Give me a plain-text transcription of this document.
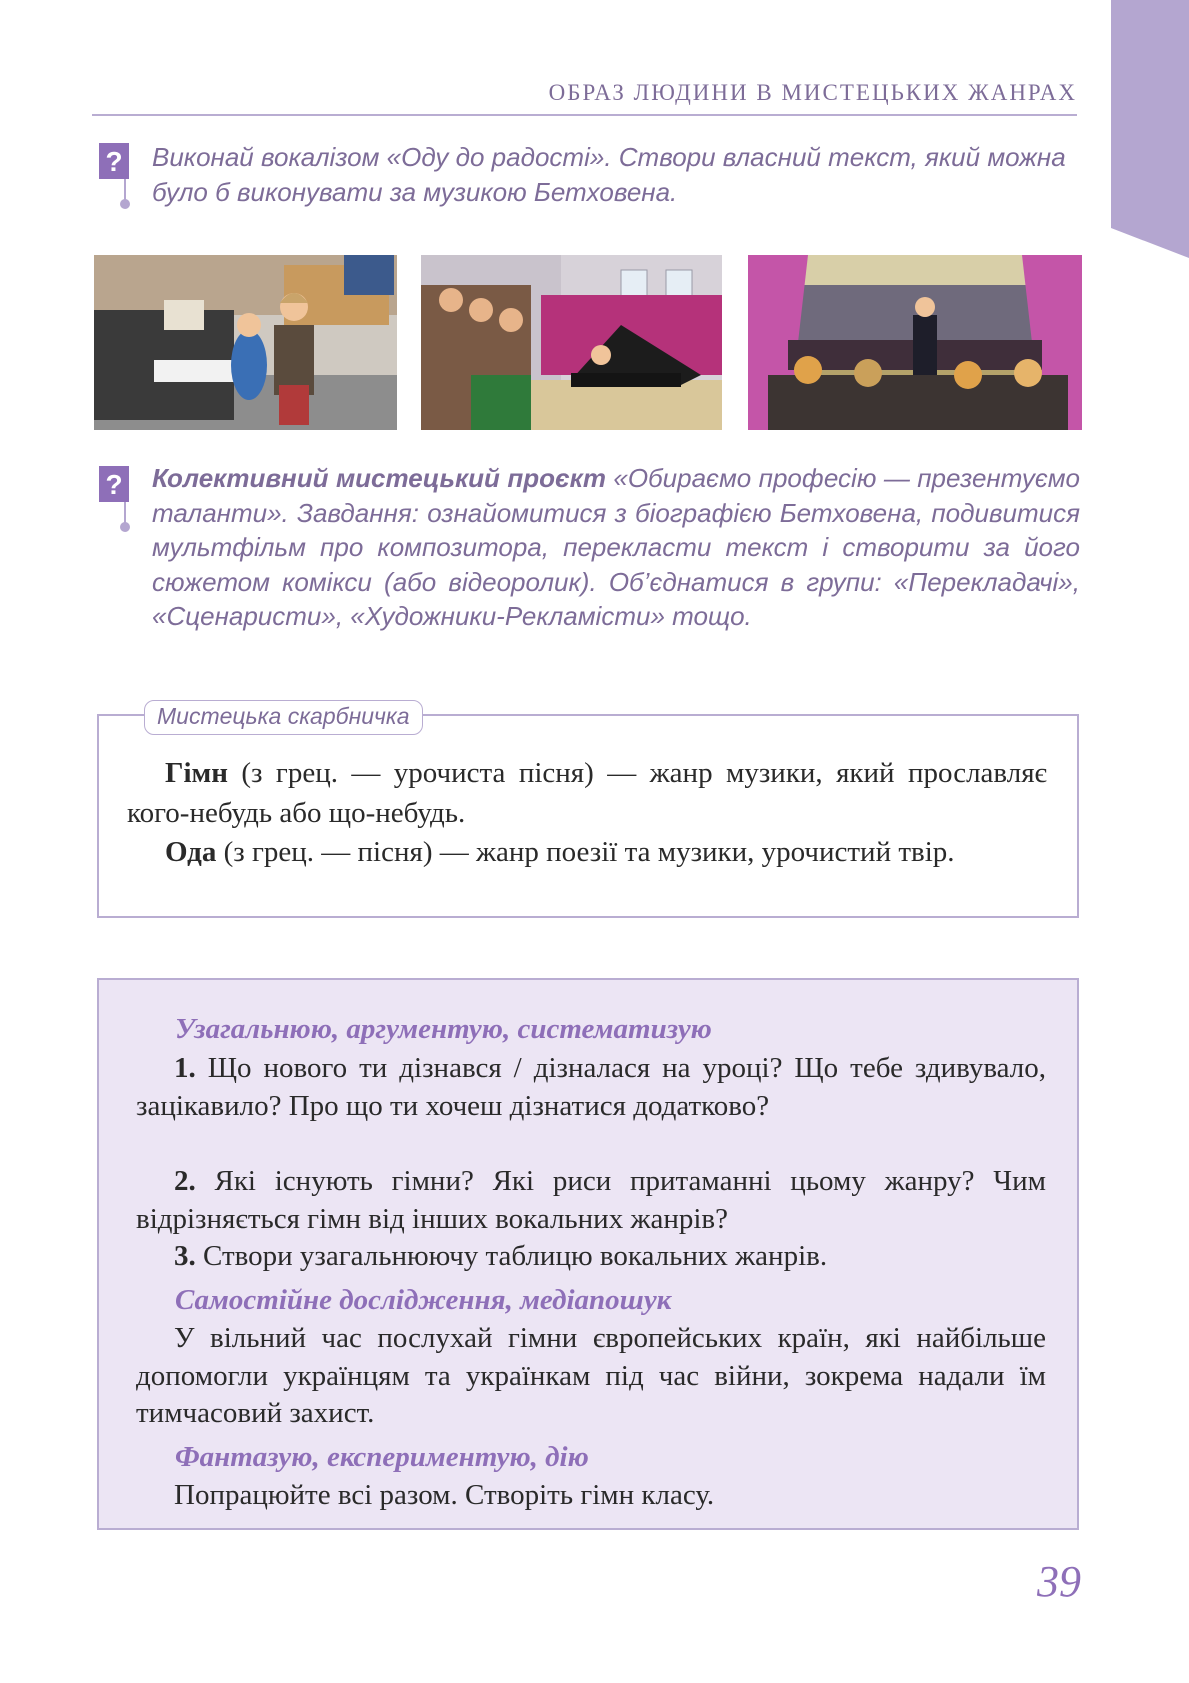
ОБРАЗ ЛЮДИНИ В МИСТЕЦЬКИХ ЖАНРАХ
? Виконай вокалізом «Оду до радості». Створи власний текст, який можна було б виконувати за музикою Бетховена.

? Колективний мистецький проєкт «Обираємо професію — презентуємо таланти». Завдання: ознайомитися з біографією Бетховена, подивитися мультфільм про композитора, перекласти текст і створити за його сюжетом комікси (або відеоролик). Об’єднатися в групи: «Перекладачі», «Сценаристи», «Художники-Рекламісти» тощо.

Мистецька скарбничка

Гімн (з грец. — урочиста пісня) — жанр музики, який прославляє кого-небудь або що-небудь.

Ода (з грец. — пісня) — жанр поезії та музики, урочистий твір.

Узагальнюю, аргументую, систематизую

1. Що нового ти дізнався / дізналася на уроці? Що тебе здивувало, зацікавило? Про що ти хочеш дізнатися додатково?

2. Які існують гімни? Які риси притаманні цьому жанру? Чим відрізняється гімн від інших вокальних жанрів?

3. Створи узагальнюючу таблицю вокальних жанрів.

Самостійне дослідження, медіапошук

У вільний час послухай гімни європейських країн, які найбільше допомогли українцям та українкам під час війни, зокрема надали їм тимчасовий захист.

Фантазую, експериментую, дію

Попрацюйте всі разом. Створіть гімн класу.

39
